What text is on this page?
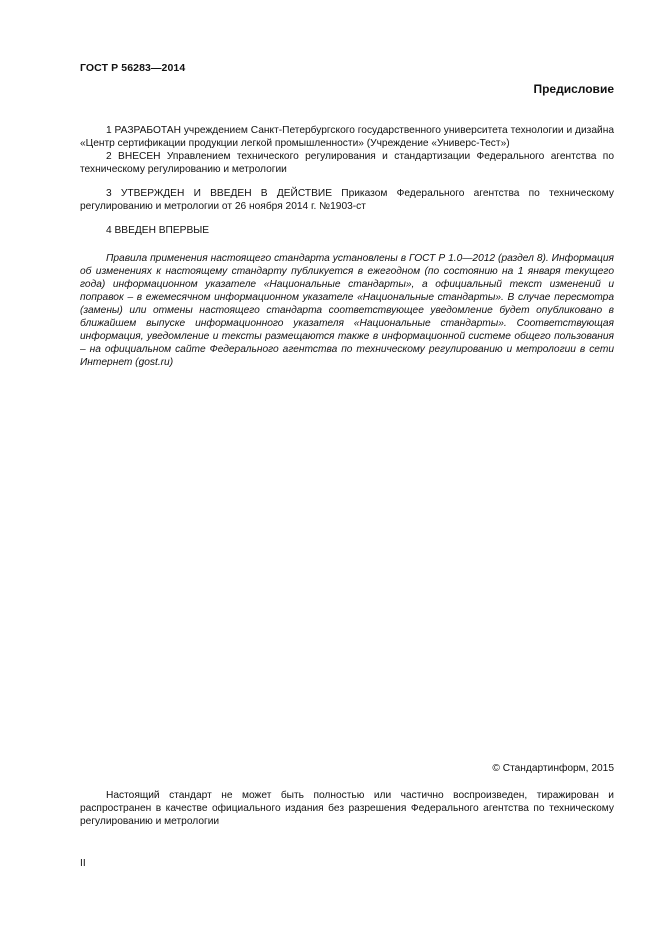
ГОСТ Р 56283—2014
Предисловие
1 РАЗРАБОТАН учреждением Санкт-Петербургского государственного университета технологии и дизайна «Центр сертификации продукции легкой промышленности» (Учреждение «Универс-Тест»)
2 ВНЕСЕН Управлением технического регулирования и стандартизации Федерального агентства по техническому регулированию и метрологии
3 УТВЕРЖДЕН И ВВЕДЕН В ДЕЙСТВИЕ Приказом Федерального агентства по техническому регулированию и метрологии от 26 ноября 2014 г. №1903-ст
4 ВВЕДЕН ВПЕРВЫЕ
Правила применения настоящего стандарта установлены в ГОСТ Р 1.0—2012 (раздел 8). Информация об изменениях к настоящему стандарту публикуется в ежегодном (по состоянию на 1 января текущего года) информационном указателе «Национальные стандарты», а официальный текст изменений и поправок – в ежемесячном информационном указателе «Национальные стандарты». В случае пересмотра (замены) или отмены настоящего стандарта соответствующее уведомление будет опубликовано в ближайшем выпуске информационного указателя «Национальные стандарты». Соответствующая информация, уведомление и тексты размещаются также в информационной системе общего пользования – на официальном сайте Федерального агентства по техническому регулированию и метрологии в сети Интернет (gost.ru)
© Стандартинформ, 2015
Настоящий стандарт не может быть полностью или частично воспроизведен, тиражирован и распространен в качестве официального издания без разрешения Федерального агентства по техническому регулированию и метрологии
II
